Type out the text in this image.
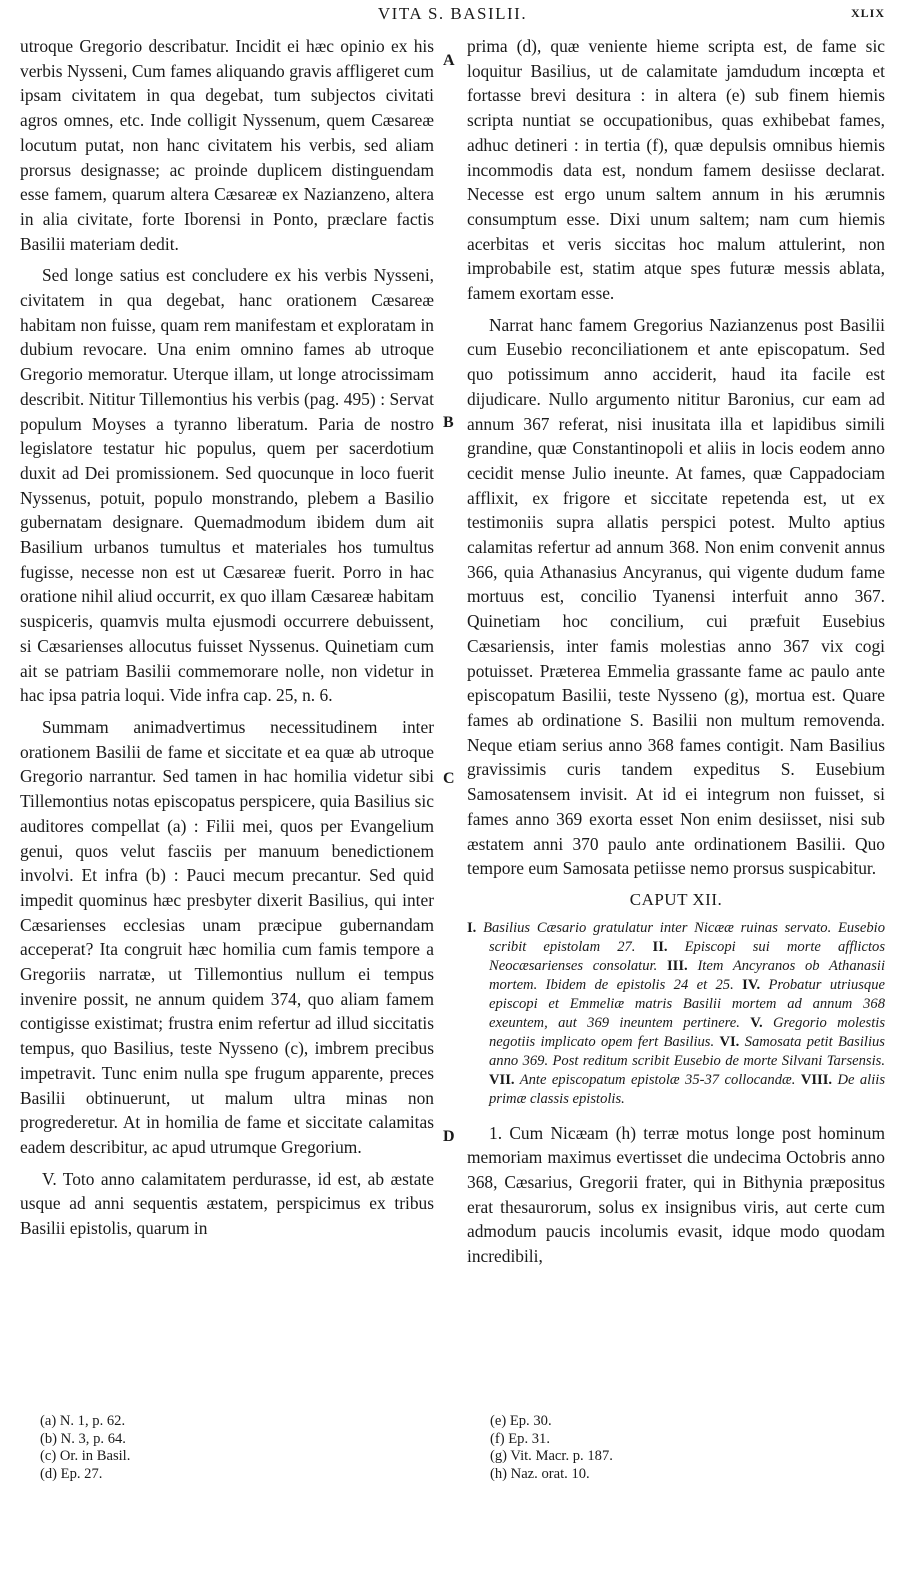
VITA S. BASILII.	XLIX
A
B
C
D

utroque Gregorio describatur. Incidit ei hæc opinio ex his verbis Nysseni, Cum fames aliquando gravis affligeret cum ipsam civitatem in qua degebat, tum subjectos civitati agros omnes, etc. Inde colligit Nyssenum, quem Cæsareæ locutum putat, non hanc civitatem his verbis, sed aliam prorsus designasse; ac proinde duplicem distinguendam esse famem, quarum altera Cæsareæ ex Nazianzeno, altera in alia civitate, forte Iborensi in Ponto, præclare factis Basilii materiam dedit.

Sed longe satius est concludere ex his verbis Nysseni, civitatem in qua degebat, hanc orationem Cæsareæ habitam non fuisse, quam rem manifestam et exploratam in dubium revocare. Una enim omnino fames ab utroque Gregorio memoratur. Uterque illam, ut longe atrocissimam describit. Nititur Tillemontius his verbis (pag. 495) : Servat populum Moyses a tyranno liberatum. Paria de nostro legislatore testatur hic populus, quem per sacerdotium duxit ad Dei promissionem. Sed quocunque in loco fuerit Nyssenus, potuit, populo monstrando, plebem a Basilio gubernatam designare. Quemadmodum ibidem dum ait Basilium urbanos tumultus et materiales hos tumultus fugisse, necesse non est ut Cæsareæ fuerit. Porro in hac oratione nihil aliud occurrit, ex quo illam Cæsareæ habitam suspiceris, quamvis multa ejusmodi occurrere debuissent, si Cæsarienses allocutus fuisset Nyssenus. Quinetiam cum ait se patriam Basilii commemorare nolle, non videtur in hac ipsa patria loqui. Vide infra cap. 25, n. 6.

Summam animadvertimus necessitudinem inter orationem Basilii de fame et siccitate et ea quæ ab utroque Gregorio narrantur. Sed tamen in hac homilia videtur sibi Tillemontius notas episcopatus perspicere, quia Basilius sic auditores compellat (a) : Filii mei, quos per Evangelium genui, quos velut fasciis per manuum benedictionem involvi. Et infra (b) : Pauci mecum precantur. Sed quid impedit quominus hæc presbyter dixerit Basilius, qui inter Cæsarienses ecclesias unam præcipue gubernandam acceperat? Ita congruit hæc homilia cum famis tempore a Gregoriis narratæ, ut Tillemontius nullum ei tempus invenire possit, ne annum quidem 374, quo aliam famem contigisse existimat; frustra enim refertur ad illud siccitatis tempus, quo Basilius, teste Nysseno (c), imbrem precibus impetravit. Tunc enim nulla spe frugum apparente, preces Basilii obtinuerunt, ut malum ultra minas non progrederetur. At in homilia de fame et siccitate calamitas eadem describitur, ac apud utrumque Gregorium.

V. Toto anno calamitatem perdurasse, id est, ab æstate usque ad anni sequentis æstatem, perspicimus ex tribus Basilii epistolis, quarum in

prima (d), quæ veniente hieme scripta est, de fame sic loquitur Basilius, ut de calamitate jamdudum incœpta et fortasse brevi desitura : in altera (e) sub finem hiemis scripta nuntiat se occupationibus, quas exhibebat fames, adhuc detineri : in tertia (f), quæ depulsis omnibus hiemis incommodis data est, nondum famem desiisse declarat. Necesse est ergo unum saltem annum in his ærumnis consumptum esse. Dixi unum saltem; nam cum hiemis acerbitas et veris siccitas hoc malum attulerint, non improbabile est, statim atque spes futuræ messis ablata, famem exortam esse.

Narrat hanc famem Gregorius Nazianzenus post Basilii cum Eusebio reconciliationem et ante episcopatum. Sed quo potissimum anno acciderit, haud ita facile est dijudicare. Nullo argumento nititur Baronius, cur eam ad annum 367 referat, nisi inusitata illa et lapidibus simili grandine, quæ Constantinopoli et aliis in locis eodem anno cecidit mense Julio ineunte. At fames, quæ Cappadociam afflixit, ex frigore et siccitate repetenda est, ut ex testimoniis supra allatis perspici potest. Multo aptius calamitas refertur ad annum 368. Non enim convenit annus 366, quia Athanasius Ancyranus, qui vigente dudum fame mortuus est, concilio Tyanensi interfuit anno 367. Quinetiam hoc concilium, cui præfuit Eusebius Cæsariensis, inter famis molestias anno 367 vix cogi potuisset. Præterea Emmelia grassante fame ac paulo ante episcopatum Basilii, teste Nysseno (g), mortua est. Quare fames ab ordinatione S. Basilii non multum removenda. Neque etiam serius anno 368 fames contigit. Nam Basilius gravissimis curis tandem expeditus S. Eusebium Samosatensem invisit. At id ei integrum non fuisset, si fames anno 369 exorta esset Non enim desiisset, nisi sub æstatem anni 370 paulo ante ordinationem Basilii. Quo tempore eum Samosata petiisse nemo prorsus suspicabitur.

CAPUT XII.
I. Basilius Cæsario gratulatur inter Nicææ ruinas servato. Eusebio scribit epistolam 27. II. Episcopi sui morte afflictos Neocæsarienses consolatur. III. Item Ancyranos ob Athanasii mortem. Ibidem de epistolis 24 et 25. IV. Probatur utriusque episcopi et Emmeliæ matris Basilii mortem ad annum 368 exeuntem, aut 369 ineuntem pertinere. V. Gregorio molestis negotiis implicato opem fert Basilius. VI. Samosata petit Basilius anno 369. Post reditum scribit Eusebio de morte Silvani Tarsensis. VII. Ante episcopatum epistolæ 35-37 collocandæ. VIII. De aliis primæ classis epistolis.

1. Cum Nicæam (h) terræ motus longe post hominum memoriam maximus evertisset die undecima Octobris anno 368, Cæsarius, Gregorii frater, qui in Bithynia præpositus erat thesaurorum, solus ex insignibus viris, aut certe cum admodum paucis incolumis evasit, idque modo quodam incredibili,

(a) N. 1, p. 62.
(b) N. 3, p. 64.
(c) Or. in Basil.
(d) Ep. 27.
(e) Ep. 30.
(f) Ep. 31.
(g) Vit. Macr. p. 187.
(h) Naz. orat. 10.
